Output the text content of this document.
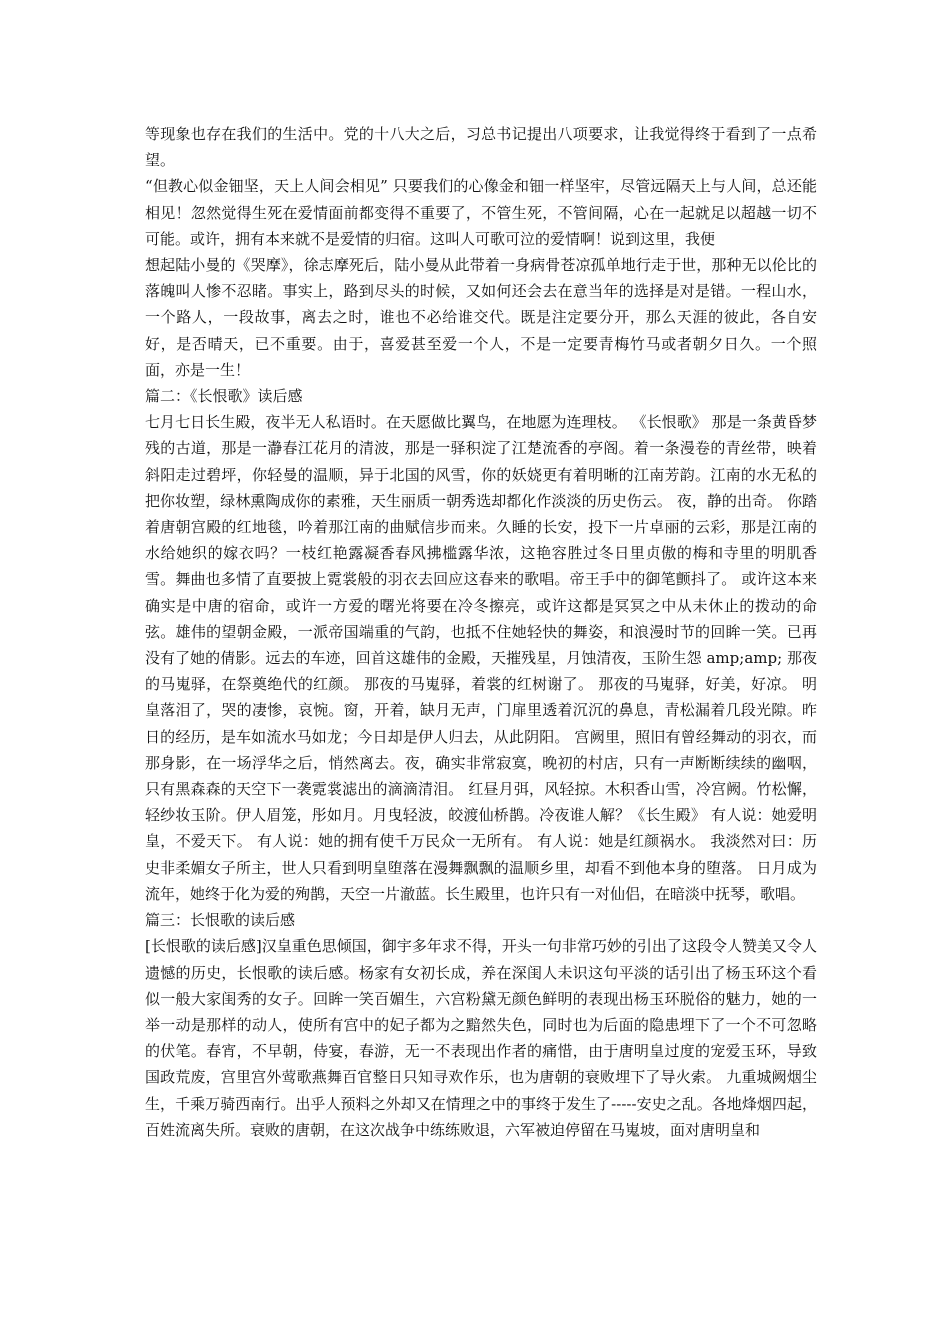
等现象也存在我们的生活中。党的十八大之后，习总书记提出八项要求，让我觉得终于看到了一点希望。

“但教心似金钿坚，天上人间会相见” 只要我们的心像金和钿一样坚牢，尽管远隔天上与人间，总还能相见！忽然觉得生死在爱情面前都变得不重要了，不管生死，不管间隔，心在一起就足以超越一切不可能。或许，拥有本来就不是爱情的归宿。这叫人可歌可泣的爱情啊！说到这里，我便

想起陆小曼的《哭摩》，徐志摩死后，陆小曼从此带着一身病骨苍凉孤单地行走于世，那种无以伦比的落魄叫人惨不忍睹。事实上，路到尽头的时候，又如何还会去在意当年的选择是对是错。一程山水，一个路人，一段故事，离去之时，谁也不必给谁交代。既是注定要分开，那么天涯的彼此，各自安好，是否晴天，已不重要。由于，喜爱甚至爱一个人，不是一定要青梅竹马或者朝夕日久。一个照面，亦是一生！

篇二：《长恨歌》读后感

七月七日长生殿，夜半无人私语时。在天愿做比翼鸟，在地愿为连理枝。 《长恨歌》 那是一条黄昏梦残的古道，那是一瀞春江花月的清波，那是一驿积淀了江楚流香的亭阁。着一条漫卷的青丝带，映着斜阳走过碧坪，你轻曼的温顺，异于北国的风雪，你的妖娆更有着明晰的江南芳韵。江南的水无私的把你妆塑，绿林熏陶成你的素雅，天生丽质一朝秀选却都化作淡淡的历史伤云。 夜，静的出奇。 你踏着唐朝宫殿的红地毯，吟着那江南的曲赋信步而来。久睡的长安，投下一片卓丽的云彩，那是江南的水给她织的嫁衣吗？一枝红艳露凝香春风拂槛露华浓，这艳容胜过冬日里贞傲的梅和寺里的明肌香雪。舞曲也多情了直要披上霓裳般的羽衣去回应这春来的歌唱。帝王手中的御笔颤抖了。 或许这本来确实是中唐的宿命，或许一方爱的曙光将要在冷冬擦亮，或许这都是冥冥之中从未休止的拨动的命弦。雄伟的望朝金殿，一派帝国端重的气韵，也抵不住她轻快的舞姿，和浪漫时节的回眸一笑。已再没有了她的倩影。远去的车迹，回首这雄伟的金殿，天摧残星，月蚀清夜，玉阶生怨 amp;amp; 那夜的马嵬驿，在祭奠绝代的红颜。 那夜的马嵬驿，着裳的红树谢了。 那夜的马嵬驿，好美，好凉。 明皇落泪了，哭的凄惨，哀惋。窗，开着，缺月无声，门扉里透着沉沉的鼻息，青松漏着几段光隙。昨日的经历，是车如流水马如龙；今日却是伊人归去，从此阴阳。 宫阙里，照旧有曾经舞动的羽衣，而那身影，在一场浮华之后，悄然离去。夜，确实非常寂寞，晚初的村店，只有一声断断续续的幽咽，只有黑森森的天空下一袭霓裳滤出的滴滴清泪。 红昼月弭，风轻掠。木积香山雪，冷宫阙。竹松懈，轻纱妆玉阶。伊人眉笼，彤如月。月曳轻波，皎渡仙桥鹊。冷夜谁人解？《长生殿》 有人说：她爱明皇，不爱天下。 有人说：她的拥有使千万民众一无所有。 有人说：她是红颜祸水。 我淡然对曰：历史非柔媚女子所主，世人只看到明皇堕落在漫舞飘飘的温顺乡里，却看不到他本身的堕落。 日月成为流年，她终于化为爱的殉鹊，天空一片澈蓝。长生殿里，也许只有一对仙侣，在暗淡中抚琴，歌唱。

篇三：长恨歌的读后感

[长恨歌的读后感]汉皇重色思倾国，御宇多年求不得，开头一句非常巧妙的引出了这段令人赞美又令人遗憾的历史，长恨歌的读后感。杨家有女初长成，养在深闺人未识这句平淡的话引出了杨玉环这个看似一般大家闺秀的女子。回眸一笑百媚生，六宫粉黛无颜色鲜明的表现出杨玉环脱俗的魅力，她的一举一动是那样的动人，使所有宫中的妃子都为之黯然失色，同时也为后面的隐患埋下了一个不可忽略的伏笔。春宵，不早朝，侍宴，春游，无一不表现出作者的痛惜，由于唐明皇过度的宠爱玉环，导致国政荒废，宫里宫外莺歌燕舞百官整日只知寻欢作乐，也为唐朝的衰败埋下了导火索。 九重城阙烟尘生，千乘万骑西南行。出乎人预料之外却又在情理之中的事终于发生了-----安史之乱。各地烽烟四起，百姓流离失所。衰败的唐朝，在这次战争中练练败退，六军被迫停留在马嵬坡，面对唐明皇和
